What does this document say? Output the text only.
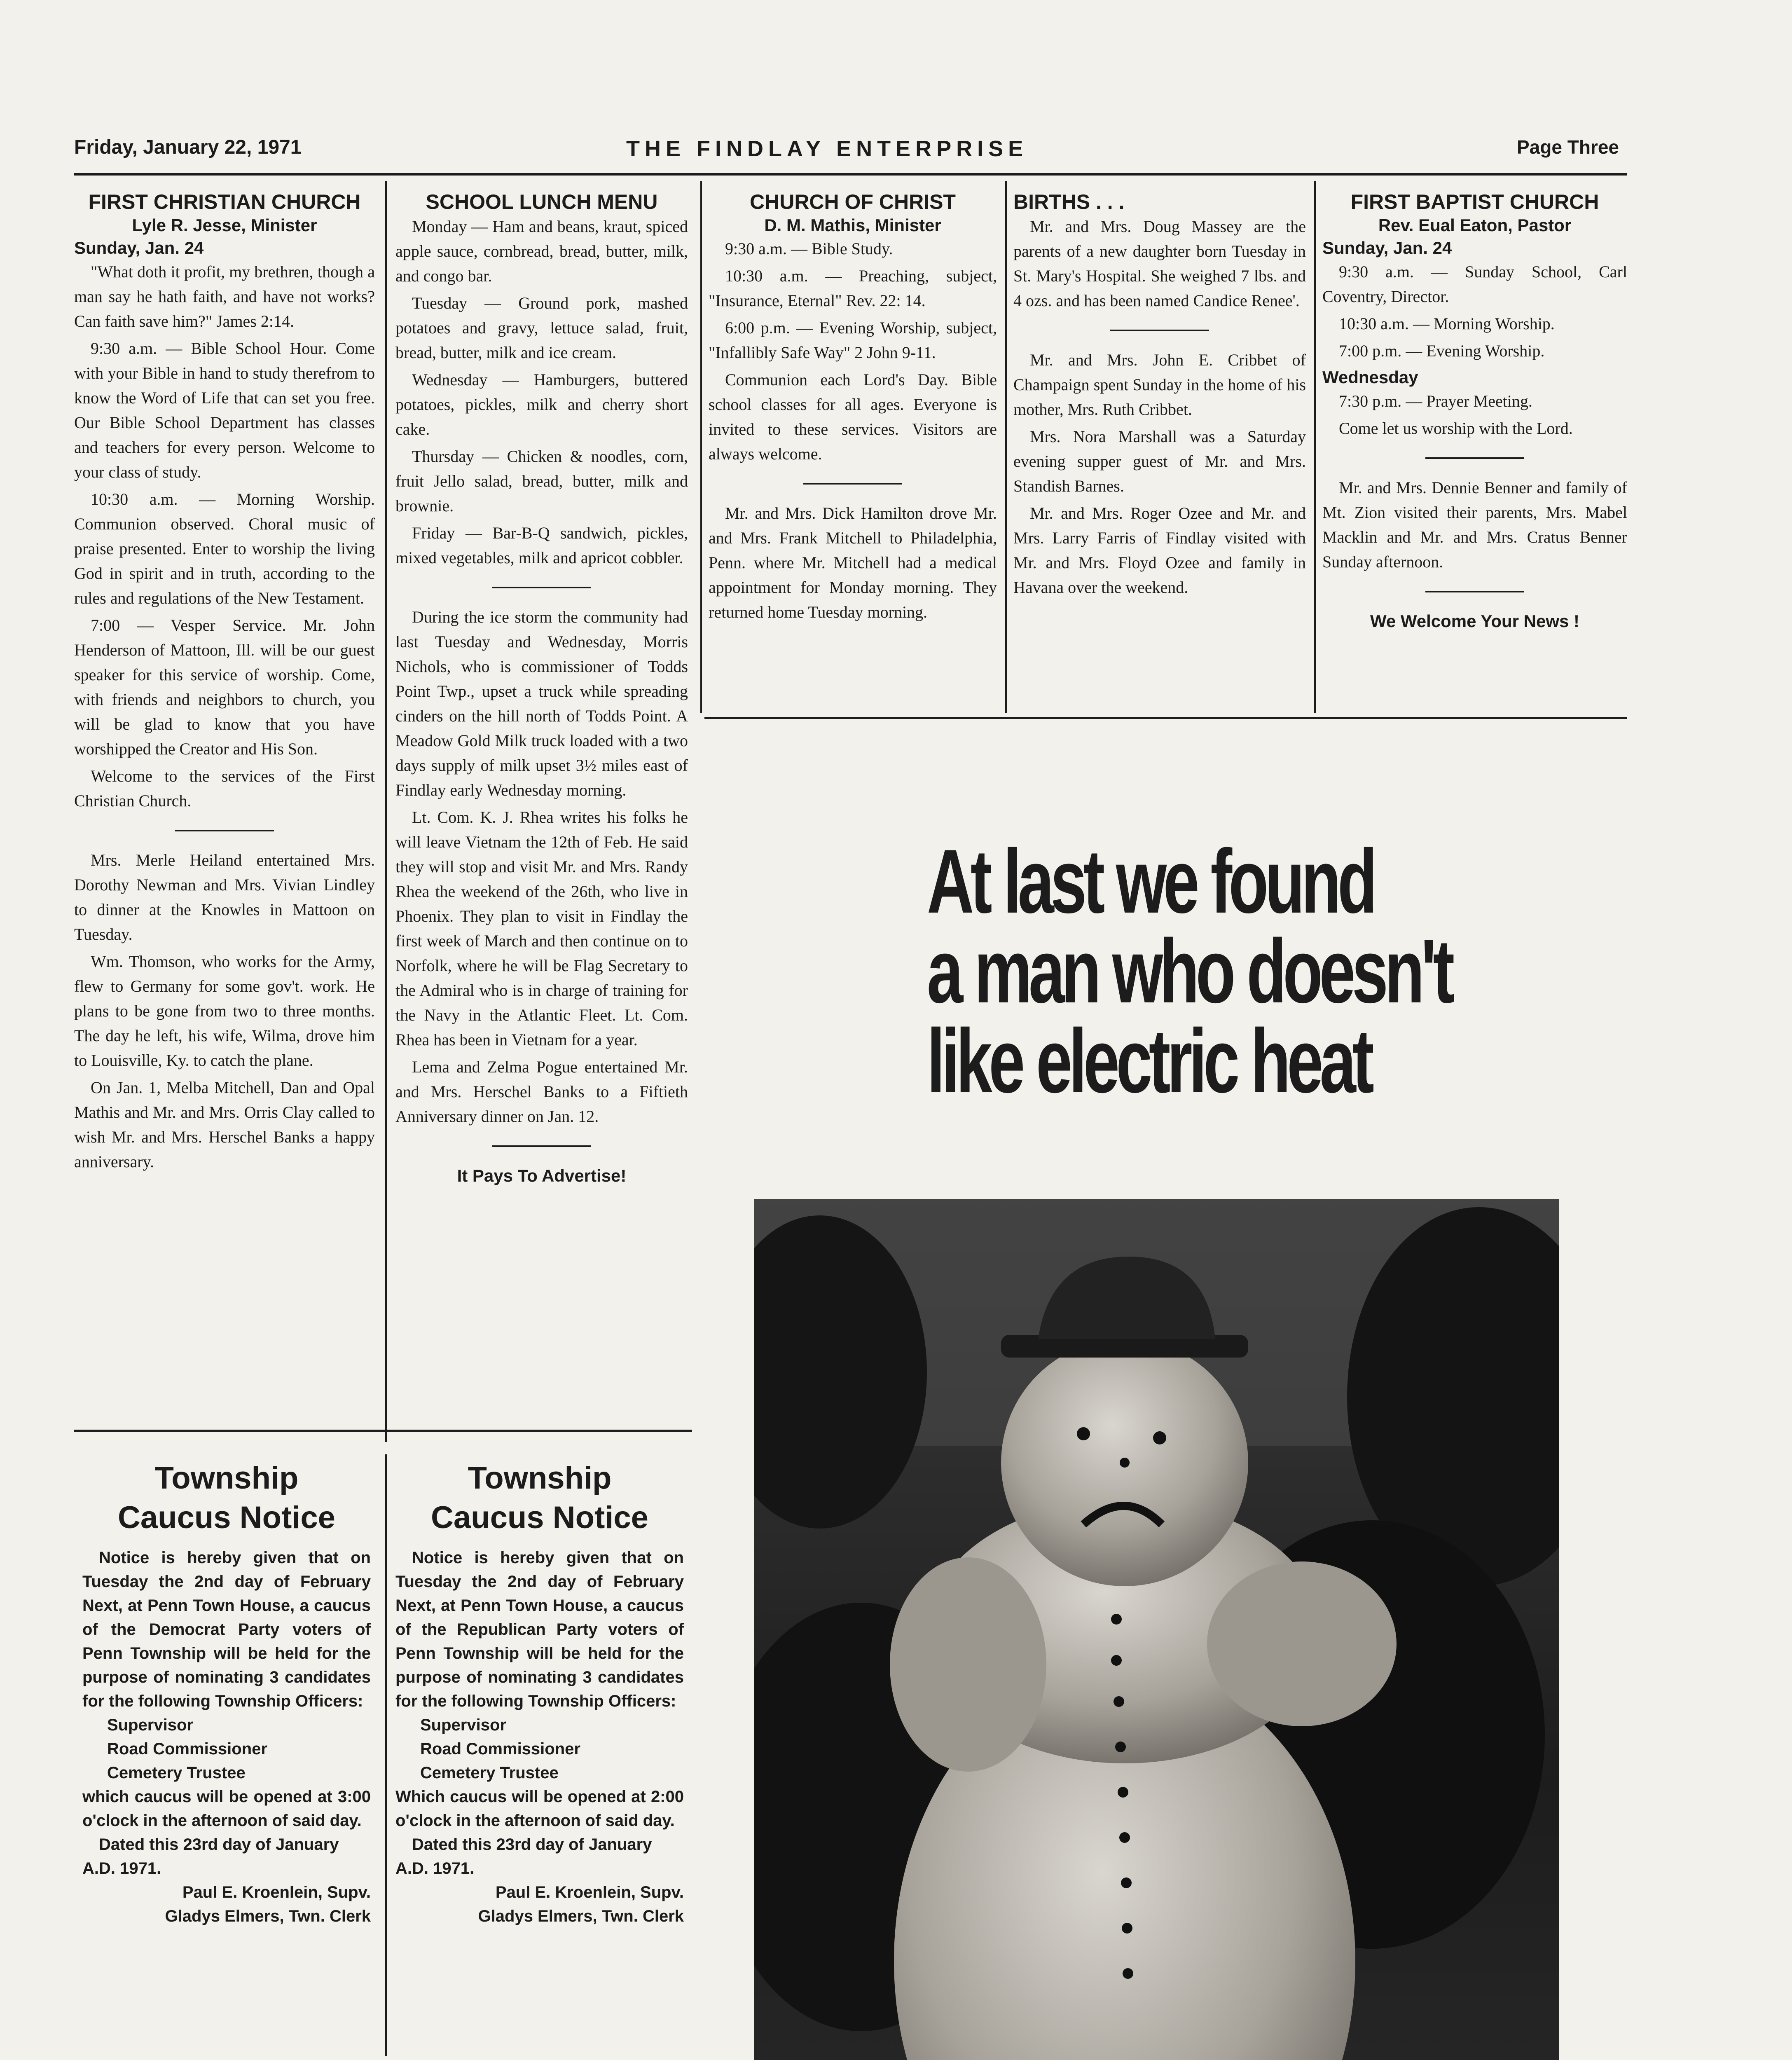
Friday, January 22, 1971	THE FINDLAY ENTERPRISE	Page Three
FIRST CHRISTIAN CHURCH
Lyle R. Jesse, Minister
Sunday, Jan. 24

"What doth it profit, my brethren, though a man say he hath faith, and have not works? Can faith save him?" James 2:14.

9:30 a.m. — Bible School Hour. Come with your Bible in hand to study therefrom to know the Word of Life that can set you free. Our Bible School Department has classes and teachers for every person. Welcome to your class of study.

10:30 a.m. — Morning Worship. Communion observed. Choral music of praise presented. Enter to worship the living God in spirit and in truth, according to the rules and regulations of the New Testament.

7:00 — Vesper Service. Mr. John Henderson of Mattoon, Ill. will be our guest speaker for this service of worship. Come, with friends and neighbors to church, you will be glad to know that you have worshipped the Creator and His Son.

Welcome to the services of the First Christian Church.

Mrs. Merle Heiland entertained Mrs. Dorothy Newman and Mrs. Vivian Lindley to dinner at the Knowles in Mattoon on Tuesday.

Wm. Thomson, who works for the Army, flew to Germany for some gov't. work. He plans to be gone from two to three months. The day he left, his wife, Wilma, drove him to Louisville, Ky. to catch the plane.

On Jan. 1, Melba Mitchell, Dan and Opal Mathis and Mr. and Mrs. Orris Clay called to wish Mr. and Mrs. Herschel Banks a happy anniversary.

SCHOOL LUNCH MENU

Monday — Ham and beans, kraut, spiced apple sauce, cornbread, bread, butter, milk, and congo bar.

Tuesday — Ground pork, mashed potatoes and gravy, lettuce salad, fruit, bread, butter, milk and ice cream.

Wednesday — Hamburgers, buttered potatoes, pickles, milk and cherry short cake.

Thursday — Chicken & noodles, corn, fruit Jello salad, bread, butter, milk and brownie.

Friday — Bar-B-Q sandwich, pickles, mixed vegetables, milk and apricot cobbler.

During the ice storm the community had last Tuesday and Wednesday, Morris Nichols, who is commissioner of Todds Point Twp., upset a truck while spreading cinders on the hill north of Todds Point. A Meadow Gold Milk truck loaded with a two days supply of milk upset 3½ miles east of Findlay early Wednesday morning.

Lt. Com. K. J. Rhea writes his folks he will leave Vietnam the 12th of Feb. He said they will stop and visit Mr. and Mrs. Randy Rhea the weekend of the 26th, who live in Phoenix. They plan to visit in Findlay the first week of March and then continue on to Norfolk, where he will be Flag Secretary to the Admiral who is in charge of training for the Navy in the Atlantic Fleet. Lt. Com. Rhea has been in Vietnam for a year.

Lema and Zelma Pogue entertained Mr. and Mrs. Herschel Banks to a Fiftieth Anniversary dinner on Jan. 12.

It Pays To Advertise!
CHURCH OF CHRIST
D. M. Mathis, Minister

9:30 a.m. — Bible Study.

10:30 a.m. — Preaching, subject, "Insurance, Eternal" Rev. 22: 14.

6:00 p.m. — Evening Worship, subject, "Infallibly Safe Way" 2 John 9-11.

Communion each Lord's Day. Bible school classes for all ages. Everyone is invited to these services. Visitors are always welcome.

Mr. and Mrs. Dick Hamilton drove Mr. and Mrs. Frank Mitchell to Philadelphia, Penn. where Mr. Mitchell had a medical appointment for Monday morning. They returned home Tuesday morning.

BIRTHS . . .

Mr. and Mrs. Doug Massey are the parents of a new daughter born Tuesday in St. Mary's Hospital. She weighed 7 lbs. and 4 ozs. and has been named Candice Renee'.

Mr. and Mrs. John E. Cribbet of Champaign spent Sunday in the home of his mother, Mrs. Ruth Cribbet.

Mrs. Nora Marshall was a Saturday evening supper guest of Mr. and Mrs. Standish Barnes.

Mr. and Mrs. Roger Ozee and Mr. and Mrs. Larry Farris of Findlay visited with Mr. and Mrs. Floyd Ozee and family in Havana over the weekend.

FIRST BAPTIST CHURCH
Rev. Eual Eaton, Pastor
Sunday, Jan. 24

9:30 a.m. — Sunday School, Carl Coventry, Director.

10:30 a.m. — Morning Worship.

7:00 p.m. — Evening Worship.

Wednesday

7:30 p.m. — Prayer Meeting.

Come let us worship with the Lord.

Mr. and Mrs. Dennie Benner and family of Mt. Zion visited their parents, Mrs. Mabel Macklin and Mr. and Mrs. Cratus Benner Sunday afternoon.

We Welcome Your News !
Township
Caucus Notice

Notice is hereby given that on Tuesday the 2nd day of February Next, at Penn Town House, a caucus of the Democrat Party voters of Penn Township will be held for the purpose of nominating 3 candidates for the following Township Officers:

Supervisor

Road Commissioner

Cemetery Trustee

which caucus will be opened at 3:00 o'clock in the afternoon of said day.

Dated this 23rd day of January A.D. 1971.

Paul E. Kroenlein, Supv.

Gladys Elmers, Twn. Clerk

Township
Caucus Notice

Notice is hereby given that on Tuesday the 2nd day of February Next, at Penn Town House, a caucus of the Republican Party voters of Penn Township will be held for the purpose of nominating 3 candidates for the following Township Officers:

Supervisor

Road Commissioner

Cemetery Trustee

Which caucus will be opened at 2:00 o'clock in the afternoon of said day.

Dated this 23rd day of January A.D. 1971.

Paul E. Kroenlein, Supv.

Gladys Elmers, Twn. Clerk

At last we found
a man who doesn't
like electric heat
